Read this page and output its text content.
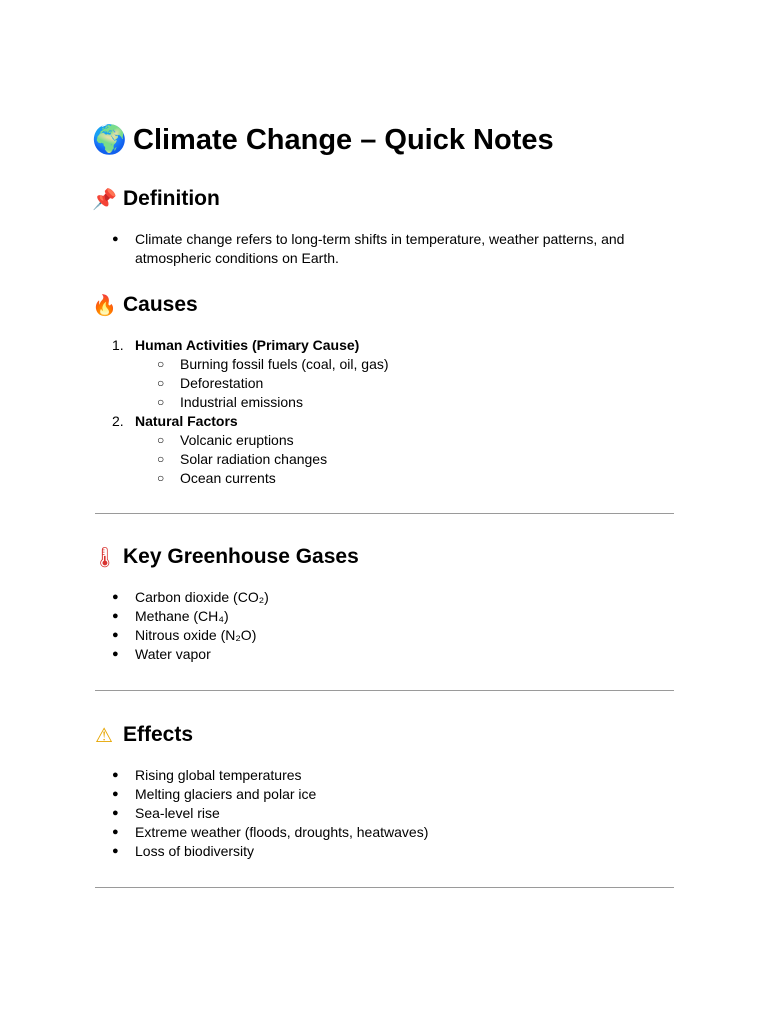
🌍 Climate Change – Quick Notes
📌 Definition
● Climate change refers to long-term shifts in temperature, weather patterns, and atmospheric conditions on Earth.
🔥 Causes
1. Human Activities (Primary Cause)
○ Burning fossil fuels (coal, oil, gas)
○ Deforestation
○ Industrial emissions
2. Natural Factors
○ Volcanic eruptions
○ Solar radiation changes
○ Ocean currents
🌡 Key Greenhouse Gases
● Carbon dioxide (CO₂)
● Methane (CH₄)
● Nitrous oxide (N₂O)
● Water vapor
⚠ Effects
● Rising global temperatures
● Melting glaciers and polar ice
● Sea-level rise
● Extreme weather (floods, droughts, heatwaves)
● Loss of biodiversity
